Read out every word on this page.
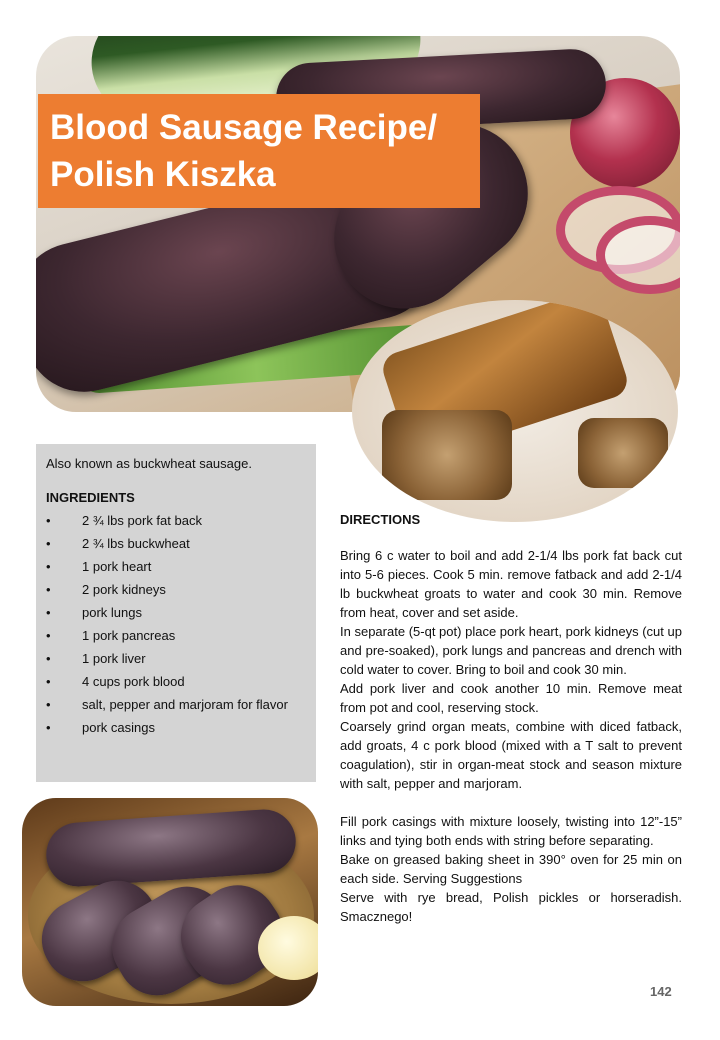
Blood Sausage Recipe/
Polish Kiszka
Also known as buckwheat sausage.
INGREDIENTS
• 2 ¾ lbs pork fat back
• 2 ¾ lbs buckwheat
• 1 pork heart
• 2 pork kidneys
• pork lungs
• 1 pork pancreas
• 1 pork liver
• 4 cups pork blood
• salt, pepper and marjoram for flavor
• pork casings
DIRECTIONS

Bring 6 c water to boil and add 2-1/4 lbs pork fat back cut into 5-6 pieces. Cook 5 min. remove fatback and add 2-1/4 lb buckwheat groats to water and cook 30 min. Remove from heat, cover and set aside.

In separate (5-qt pot) place pork heart, pork kidneys (cut up and pre-soaked), pork lungs and pancreas and drench with cold water to cover. Bring to boil and cook 30 min.

Add pork liver and cook another 10 min. Remove meat from pot and cool, reserving stock.

Coarsely grind organ meats, combine with diced fatback, add groats, 4 c pork blood (mixed with a T salt to prevent coagulation), stir in organ-meat stock and season mixture with salt, pepper and marjoram.

Fill pork casings with mixture loosely, twisting into 12”-15” links and tying both ends with string before separating.

Bake on greased baking sheet in 390° oven for 25 min on each side. Serving Suggestions

Serve with rye bread, Polish pickles or horseradish. Smacznego!

142
